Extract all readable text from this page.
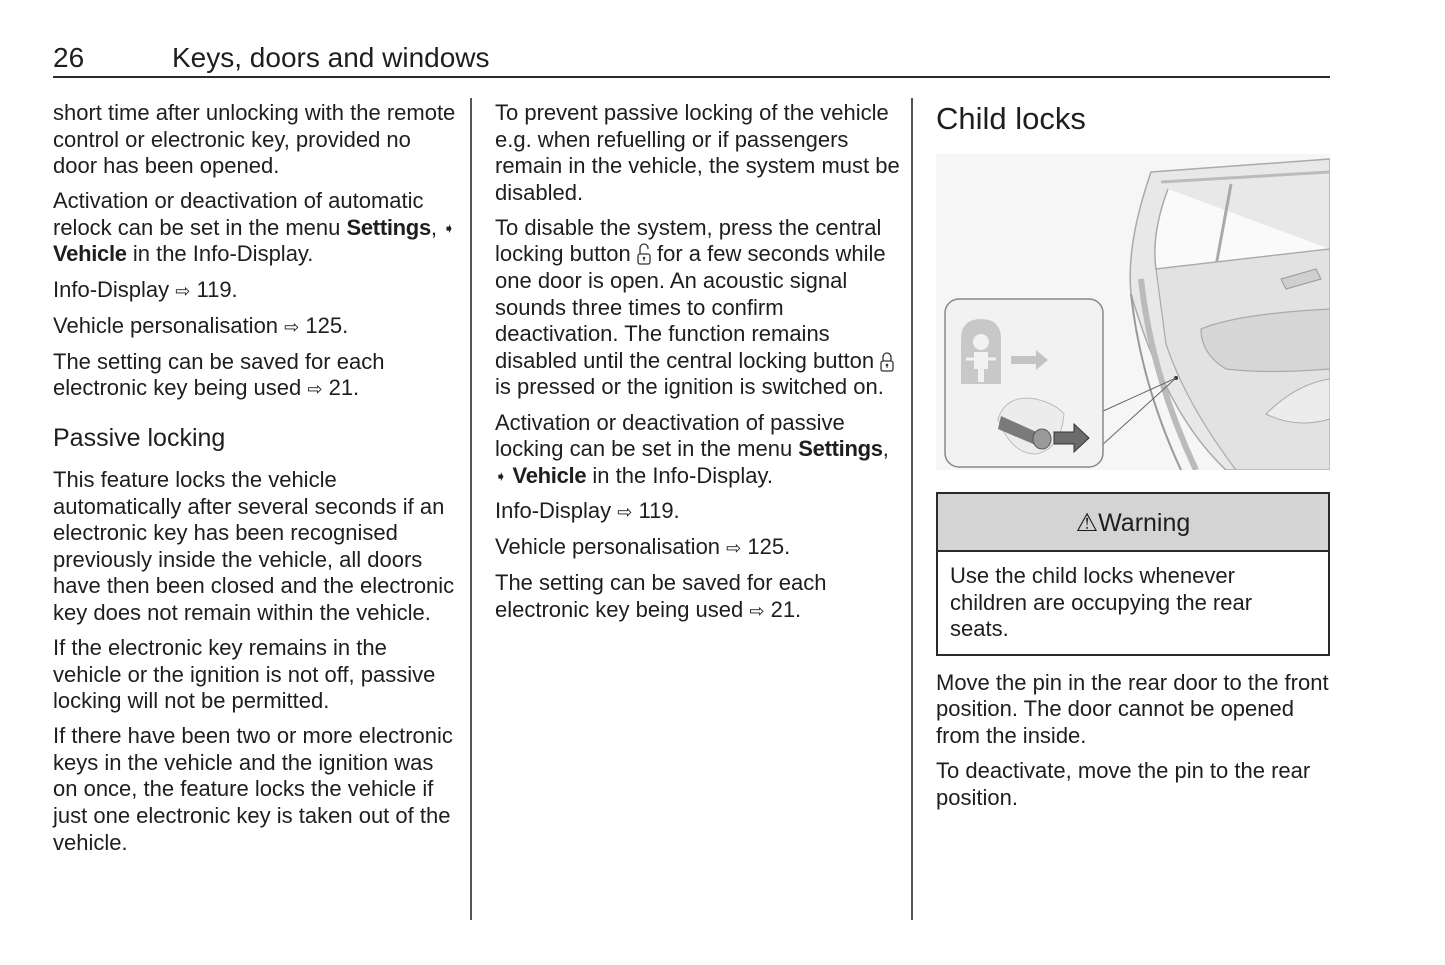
26	Keys, doors and windows

short time after unlocking with the remote control or electronic key, provided no door has been opened.

Activation or deactivation of automatic relock can be set in the menu Settings, ➧ Vehicle in the Info-Display.

Info-Display ⇨ 119.

Vehicle personalisation ⇨ 125.

The setting can be saved for each electronic key being used ⇨ 21.

Passive locking

This feature locks the vehicle automatically after several seconds if an electronic key has been recognised previously inside the vehicle, all doors have then been closed and the electronic key does not remain within the vehicle.

If the electronic key remains in the vehicle or the ignition is not off, passive locking will not be permitted.

If there have been two or more electronic keys in the vehicle and the ignition was on once, the feature locks the vehicle if just one electronic key is taken out of the vehicle.

To prevent passive locking of the vehicle e.g. when refuelling or if passengers remain in the vehicle, the system must be disabled.

To disable the system, press the central locking button  for a few seconds while one door is open. An acoustic signal sounds three times to confirm deactivation. The function remains disabled until the central locking button  is pressed or the ignition is switched on.

Activation or deactivation of passive locking can be set in the menu Settings, ➧ Vehicle in the Info-Display.

Info-Display ⇨ 119.

Vehicle personalisation ⇨ 125.

The setting can be saved for each electronic key being used ⇨ 21.

Child locks
⚠Warning

Use the child locks whenever children are occupying the rear seats.

Move the pin in the rear door to the front position. The door cannot be opened from the inside.

To deactivate, move the pin to the rear position.
